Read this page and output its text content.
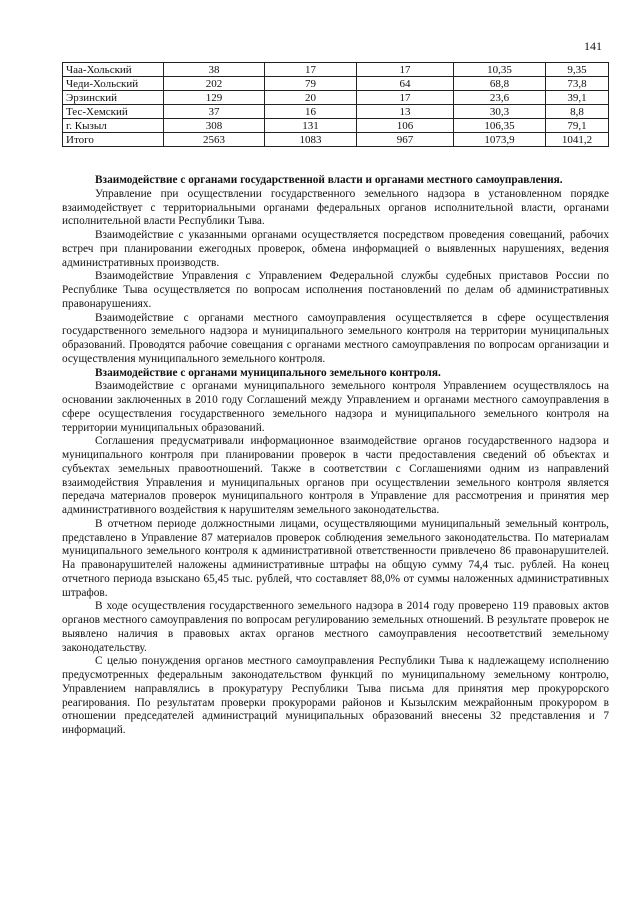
141
Чаа-Хольский	38	17	17	10,35	9,35
Чеди-Хольский	202	79	64	68,8	73,8
Эрзинский	129	20	17	23,6	39,1
Тес-Хемский	37	16	13	30,3	8,8
г. Кызыл	308	131	106	106,35	79,1
Итого	2563	1083	967	1073,9	1041,2

Взаимодействие с органами государственной власти и органами местного самоуправления.

Управление при осуществлении государственного земельного надзора в установленном порядке взаимодействует с территориальными органами федеральных органов исполнительной власти, органами исполнительной власти Республики Тыва.

Взаимодействие с указанными органами осуществляется посредством проведения совещаний, рабочих встреч при планировании ежегодных проверок, обмена информацией о выявленных нарушениях, ведения административных производств.

Взаимодействие Управления с Управлением Федеральной службы судебных приставов России по Республике Тыва осуществляется по вопросам исполнения постановлений по делам об административных правонарушениях.

Взаимодействие с органами местного самоуправления осуществляется в сфере осуществления государственного земельного надзора и муниципального земельного контроля на территории муниципальных образований. Проводятся рабочие совещания с органами местного самоуправления по вопросам организации и осуществления муниципального земельного контроля.

Взаимодействие с органами муниципального земельного контроля.

Взаимодействие с органами муниципального земельного контроля Управлением осуществлялось на основании заключенных в 2010 году Соглашений между Управлением и органами местного самоуправления в сфере осуществления государственного земельного надзора и муниципального земельного контроля на территории муниципальных образований.

Соглашения предусматривали информационное взаимодействие органов государственного надзора и муниципального контроля при планировании проверок в части предоставления сведений об объектах и субъектах земельных правоотношений. Также в соответствии с Соглашениями одним из направлений взаимодействия Управления и муниципальных органов при осуществлении земельного контроля является передача материалов проверок муниципального контроля в Управление для рассмотрения и принятия мер административного воздействия к нарушителям земельного законодательства.

В отчетном периоде должностными лицами, осуществляющими муниципальный земельный контроль, представлено в Управление 87 материалов проверок соблюдения земельного законодательства. По материалам муниципального земельного контроля к административной ответственности привлечено 86 правонарушителей. На правонарушителей наложены административные штрафы на общую сумму 74,4 тыс. рублей. На конец отчетного периода взыскано 65,45 тыс. рублей, что составляет 88,0% от суммы наложенных административных штрафов.

В ходе осуществления государственного земельного надзора в 2014 году проверено 119 правовых актов органов местного самоуправления по вопросам регулированию земельных отношений. В результате проверок не выявлено наличия в правовых актах органов местного самоуправления несоответствий земельному законодательству.

С целью понуждения органов местного самоуправления Республики Тыва к надлежащему исполнению предусмотренных федеральным законодательством функций по муниципальному земельному контролю, Управлением направлялись в прокуратуру Республики Тыва письма для принятия мер прокурорского реагирования. По результатам проверки прокурорами районов и Кызылским межрайонным прокурором в отношении председателей администраций муниципальных образований внесены 32 представления и 7 информаций.
